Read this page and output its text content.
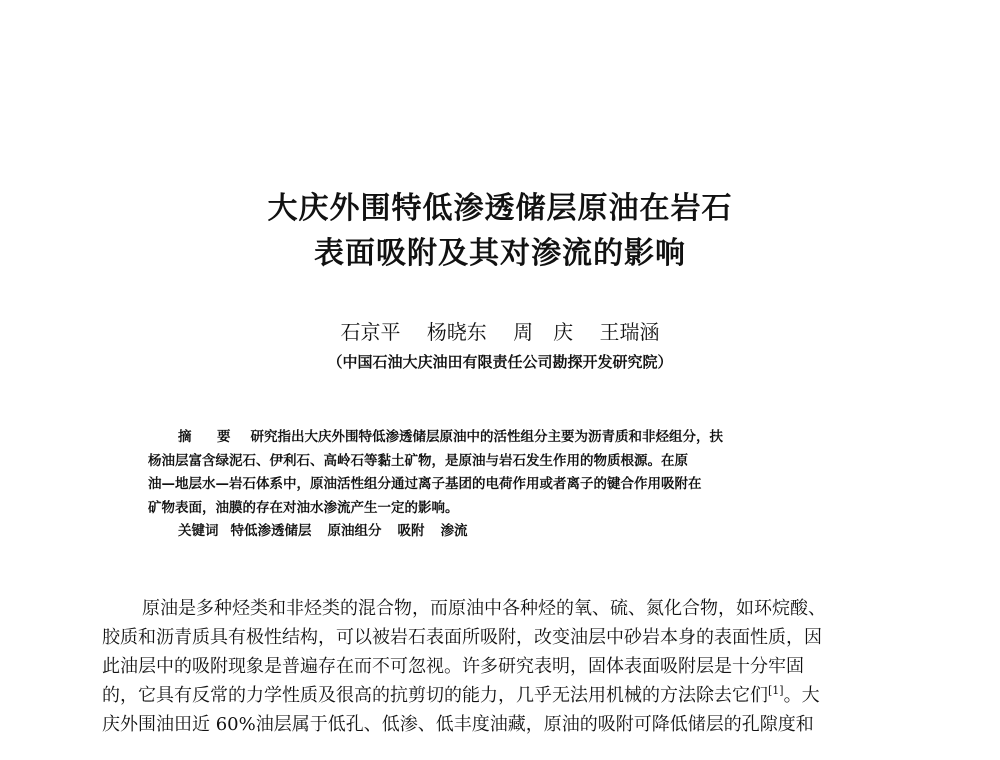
大庆外围特低渗透储层原油在岩石
表面吸附及其对渗流的影响
石京平 杨晓东 周　庆 王瑞涵
（中国石油大庆油田有限责任公司勘探开发研究院）
摘　要 研究指出大庆外围特低渗透储层原油中的活性组分主要为沥青质和非烃组分，扶
杨油层富含绿泥石、伊利石、高岭石等黏土矿物，是原油与岩石发生作用的物质根源。在原
油—地层水—岩石体系中，原油活性组分通过离子基团的电荷作用或者离子的键合作用吸附在
矿物表面，油膜的存在对油水渗流产生一定的影响。
关键词 特低渗透储层 原油组分 吸附 渗流
原油是多种烃类和非烃类的混合物，而原油中各种烃的氧、硫、氮化合物，如环烷酸、
胶质和沥青质具有极性结构，可以被岩石表面所吸附，改变油层中砂岩本身的表面性质，因
此油层中的吸附现象是普遍存在而不可忽视。许多研究表明，固体表面吸附层是十分牢固
的，它具有反常的力学性质及很高的抗剪切的能力，几乎无法用机械的方法除去它们[1]。大
庆外围油田近 60%油层属于低孔、低渗、低丰度油藏，原油的吸附可降低储层的孔隙度和
